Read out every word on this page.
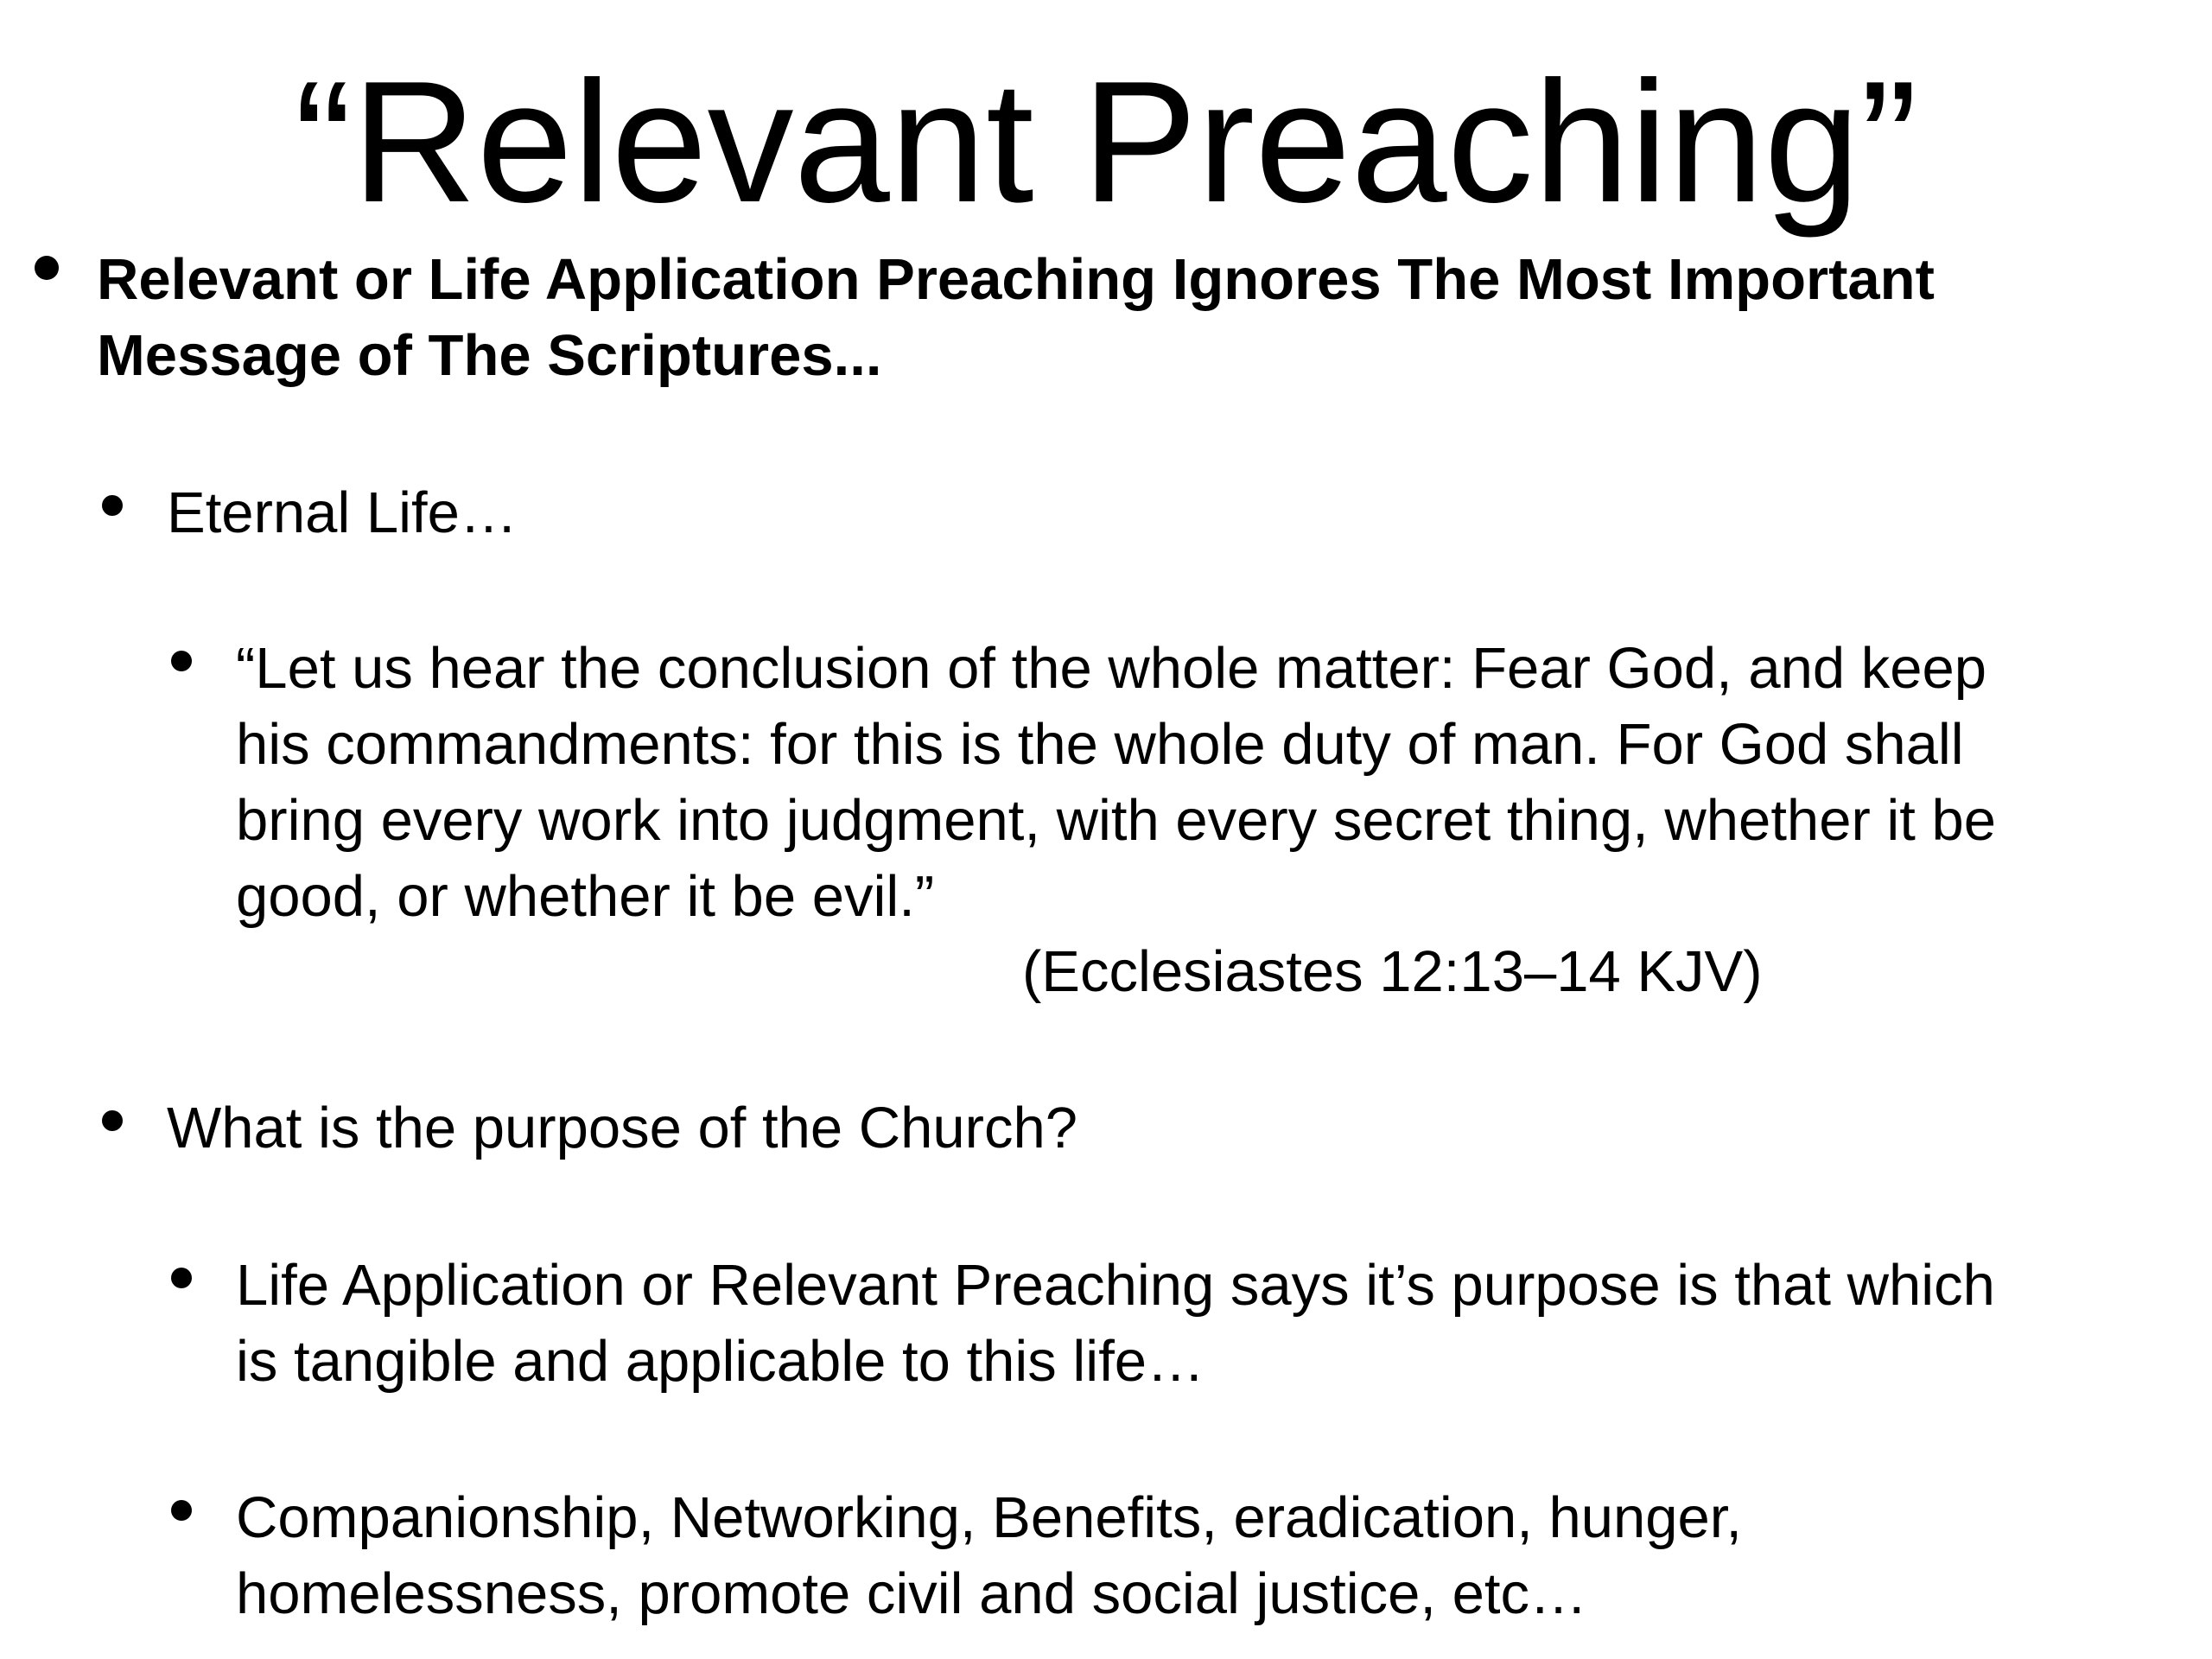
“Relevant Preaching”
Relevant or Life Application Preaching Ignores The Most Important
Message of The Scriptures...
Eternal Life…
“Let us hear the conclusion of the whole matter: Fear God, and keep
his commandments: for this is the whole duty of man. For God shall
bring every work into judgment, with every secret thing, whether it be
good, or whether it be evil.”
(Ecclesiastes 12:13–14 KJV)
What is the purpose of the Church?
Life Application or Relevant Preaching says it’s purpose is that which
is tangible and applicable to this life…
Companionship, Networking, Benefits, eradication, hunger,
homelessness, promote civil and social justice, etc…
